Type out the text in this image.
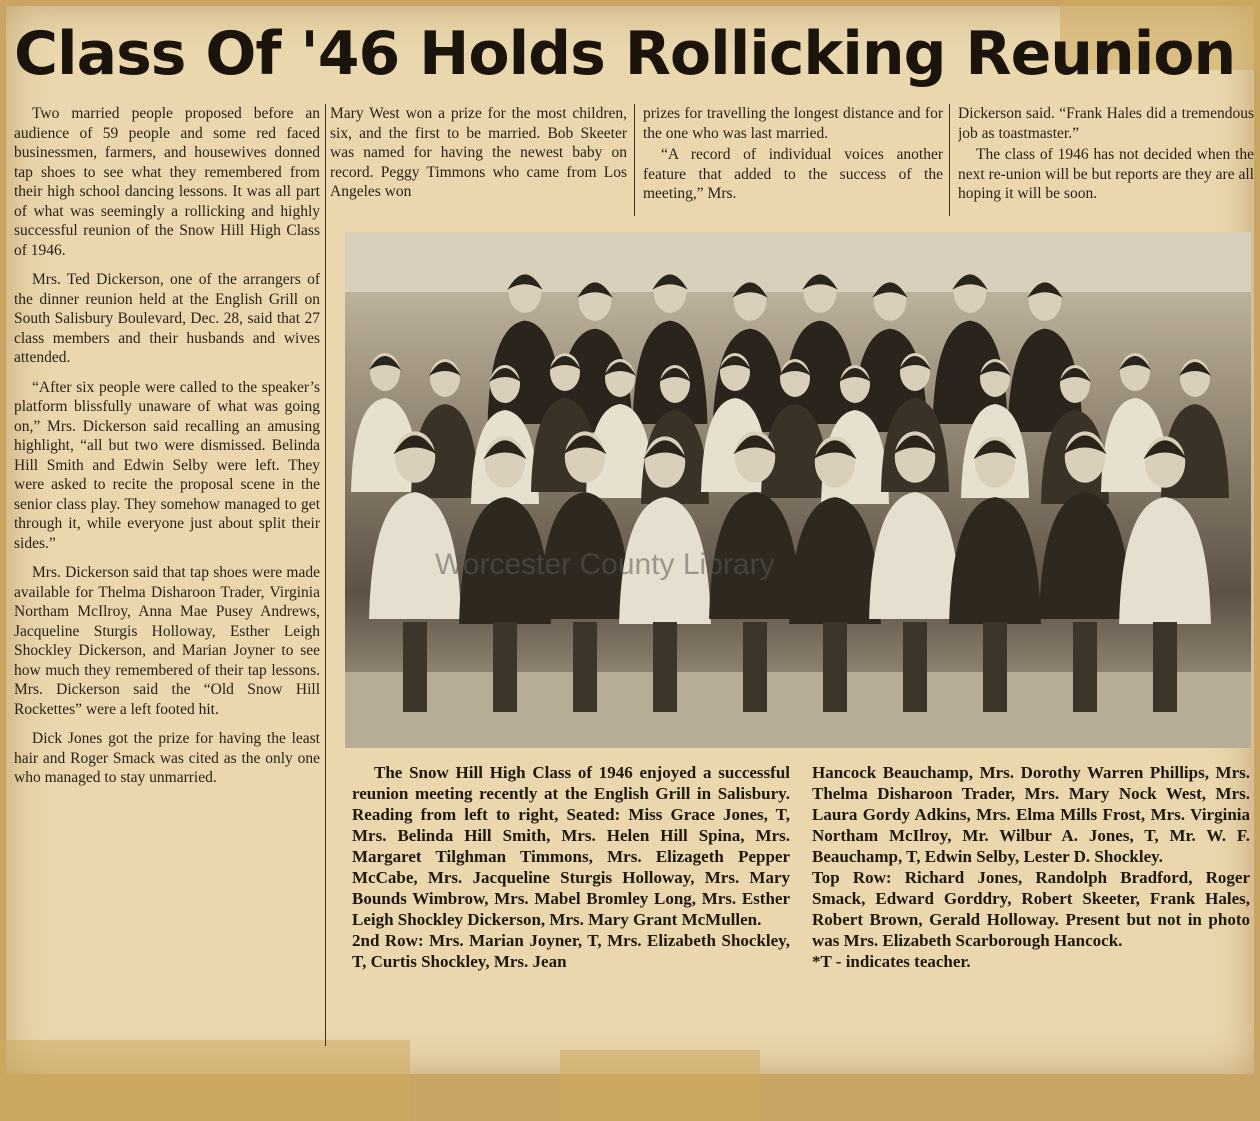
Class Of '46 Holds Rollicking Reunion

Two married people proposed before an audience of 59 people and some red faced businessmen, farmers, and housewives donned tap shoes to see what they remembered from their high school dancing lessons. It was all part of what was seemingly a rollicking and highly successful reunion of the Snow Hill High Class of 1946.

Mrs. Ted Dickerson, one of the arrangers of the dinner reunion held at the English Grill on South Salisbury Boulevard, Dec. 28, said that 27 class members and their husbands and wives attended.

“After six people were called to the speaker’s platform blissfully unaware of what was going on,” Mrs. Dickerson said recalling an amusing highlight, “all but two were dismissed. Belinda Hill Smith and Edwin Selby were left. They were asked to recite the proposal scene in the senior class play. They somehow managed to get through it, while everyone just about split their sides.”

Mrs. Dickerson said that tap shoes were made available for Thelma Disharoon Trader, Virginia Northam McIlroy, Anna Mae Pusey Andrews, Jacqueline Sturgis Holloway, Esther Leigh Shockley Dickerson, and Marian Joyner to see how much they remembered of their tap lessons. Mrs. Dickerson said the “Old Snow Hill Rockettes” were a left footed hit.

Dick Jones got the prize for having the least hair and Roger Smack was cited as the only one who managed to stay unmarried.

Mary West won a prize for the most children, six, and the first to be married. Bob Skeeter was named for having the newest baby on record. Peggy Timmons who came from Los Angeles won

prizes for travelling the longest distance and for the one who was last married.

“A record of individual voices another feature that added to the success of the meeting,” Mrs.

Dickerson said. “Frank Hales did a tremendous job as toastmaster.”

The class of 1946 has not decided when the next re-union will be but reports are they are all hoping it will be soon.

Worcester County Library

The Snow Hill High Class of 1946 enjoyed a successful reunion meeting recently at the English Grill in Salisbury. Reading from left to right, Seated: Miss Grace Jones, T, Mrs. Belinda Hill Smith, Mrs. Helen Hill Spina, Mrs. Margaret Tilghman Timmons, Mrs. Elizageth Pepper McCabe, Mrs. Jacqueline Sturgis Holloway, Mrs. Mary Bounds Wimbrow, Mrs. Mabel Bromley Long, Mrs. Esther Leigh Shockley Dickerson, Mrs. Mary Grant McMullen.

2nd Row: Mrs. Marian Joyner, T, Mrs. Elizabeth Shockley, T, Curtis Shockley, Mrs. Jean

Hancock Beauchamp, Mrs. Dorothy Warren Phillips, Mrs. Thelma Disharoon Trader, Mrs. Mary Nock West, Mrs. Laura Gordy Adkins, Mrs. Elma Mills Frost, Mrs. Virginia Northam McIlroy, Mr. Wilbur A. Jones, T, Mr. W. F. Beauchamp, T, Edwin Selby, Lester D. Shockley.

Top Row: Richard Jones, Randolph Bradford, Roger Smack, Edward Gorddry, Robert Skeeter, Frank Hales, Robert Brown, Gerald Holloway. Present but not in photo was Mrs. Elizabeth Scarborough Hancock.

*T - indicates teacher.
